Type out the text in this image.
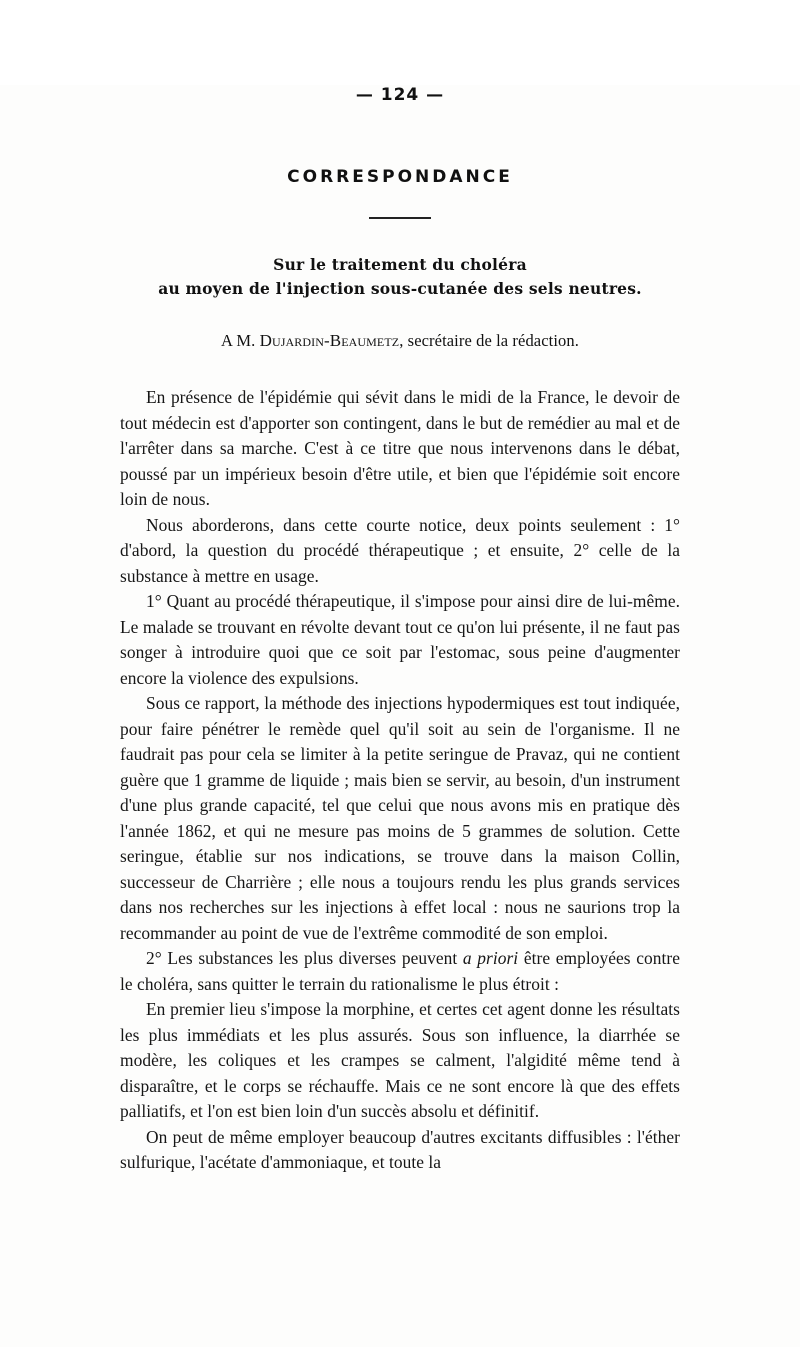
— 124 —
CORRESPONDANCE
Sur le traitement du choléra
au moyen de l'injection sous-cutanée des sels neutres.
A M. Dujardin-Beaumetz, secrétaire de la rédaction.

En présence de l'épidémie qui sévit dans le midi de la France, le devoir de tout médecin est d'apporter son contingent, dans le but de remédier au mal et de l'arrêter dans sa marche. C'est à ce titre que nous intervenons dans le débat, poussé par un impérieux besoin d'être utile, et bien que l'épidémie soit encore loin de nous.

Nous aborderons, dans cette courte notice, deux points seulement : 1° d'abord, la question du procédé thérapeutique ; et ensuite, 2° celle de la substance à mettre en usage.

1° Quant au procédé thérapeutique, il s'impose pour ainsi dire de lui-même. Le malade se trouvant en révolte devant tout ce qu'on lui présente, il ne faut pas songer à introduire quoi que ce soit par l'estomac, sous peine d'augmenter encore la violence des expulsions.

Sous ce rapport, la méthode des injections hypodermiques est tout indiquée, pour faire pénétrer le remède quel qu'il soit au sein de l'organisme. Il ne faudrait pas pour cela se limiter à la petite seringue de Pravaz, qui ne contient guère que 1 gramme de liquide ; mais bien se servir, au besoin, d'un instrument d'une plus grande capacité, tel que celui que nous avons mis en pratique dès l'année 1862, et qui ne mesure pas moins de 5 grammes de solution. Cette seringue, établie sur nos indications, se trouve dans la maison Collin, successeur de Charrière ; elle nous a toujours rendu les plus grands services dans nos recherches sur les injections à effet local : nous ne saurions trop la recommander au point de vue de l'extrême commodité de son emploi.

2° Les substances les plus diverses peuvent a priori être employées contre le choléra, sans quitter le terrain du rationalisme le plus étroit :

En premier lieu s'impose la morphine, et certes cet agent donne les résultats les plus immédiats et les plus assurés. Sous son influence, la diarrhée se modère, les coliques et les crampes se calment, l'algidité même tend à disparaître, et le corps se réchauffe. Mais ce ne sont encore là que des effets palliatifs, et l'on est bien loin d'un succès absolu et définitif.

On peut de même employer beaucoup d'autres excitants diffusibles : l'éther sulfurique, l'acétate d'ammoniaque, et toute la
